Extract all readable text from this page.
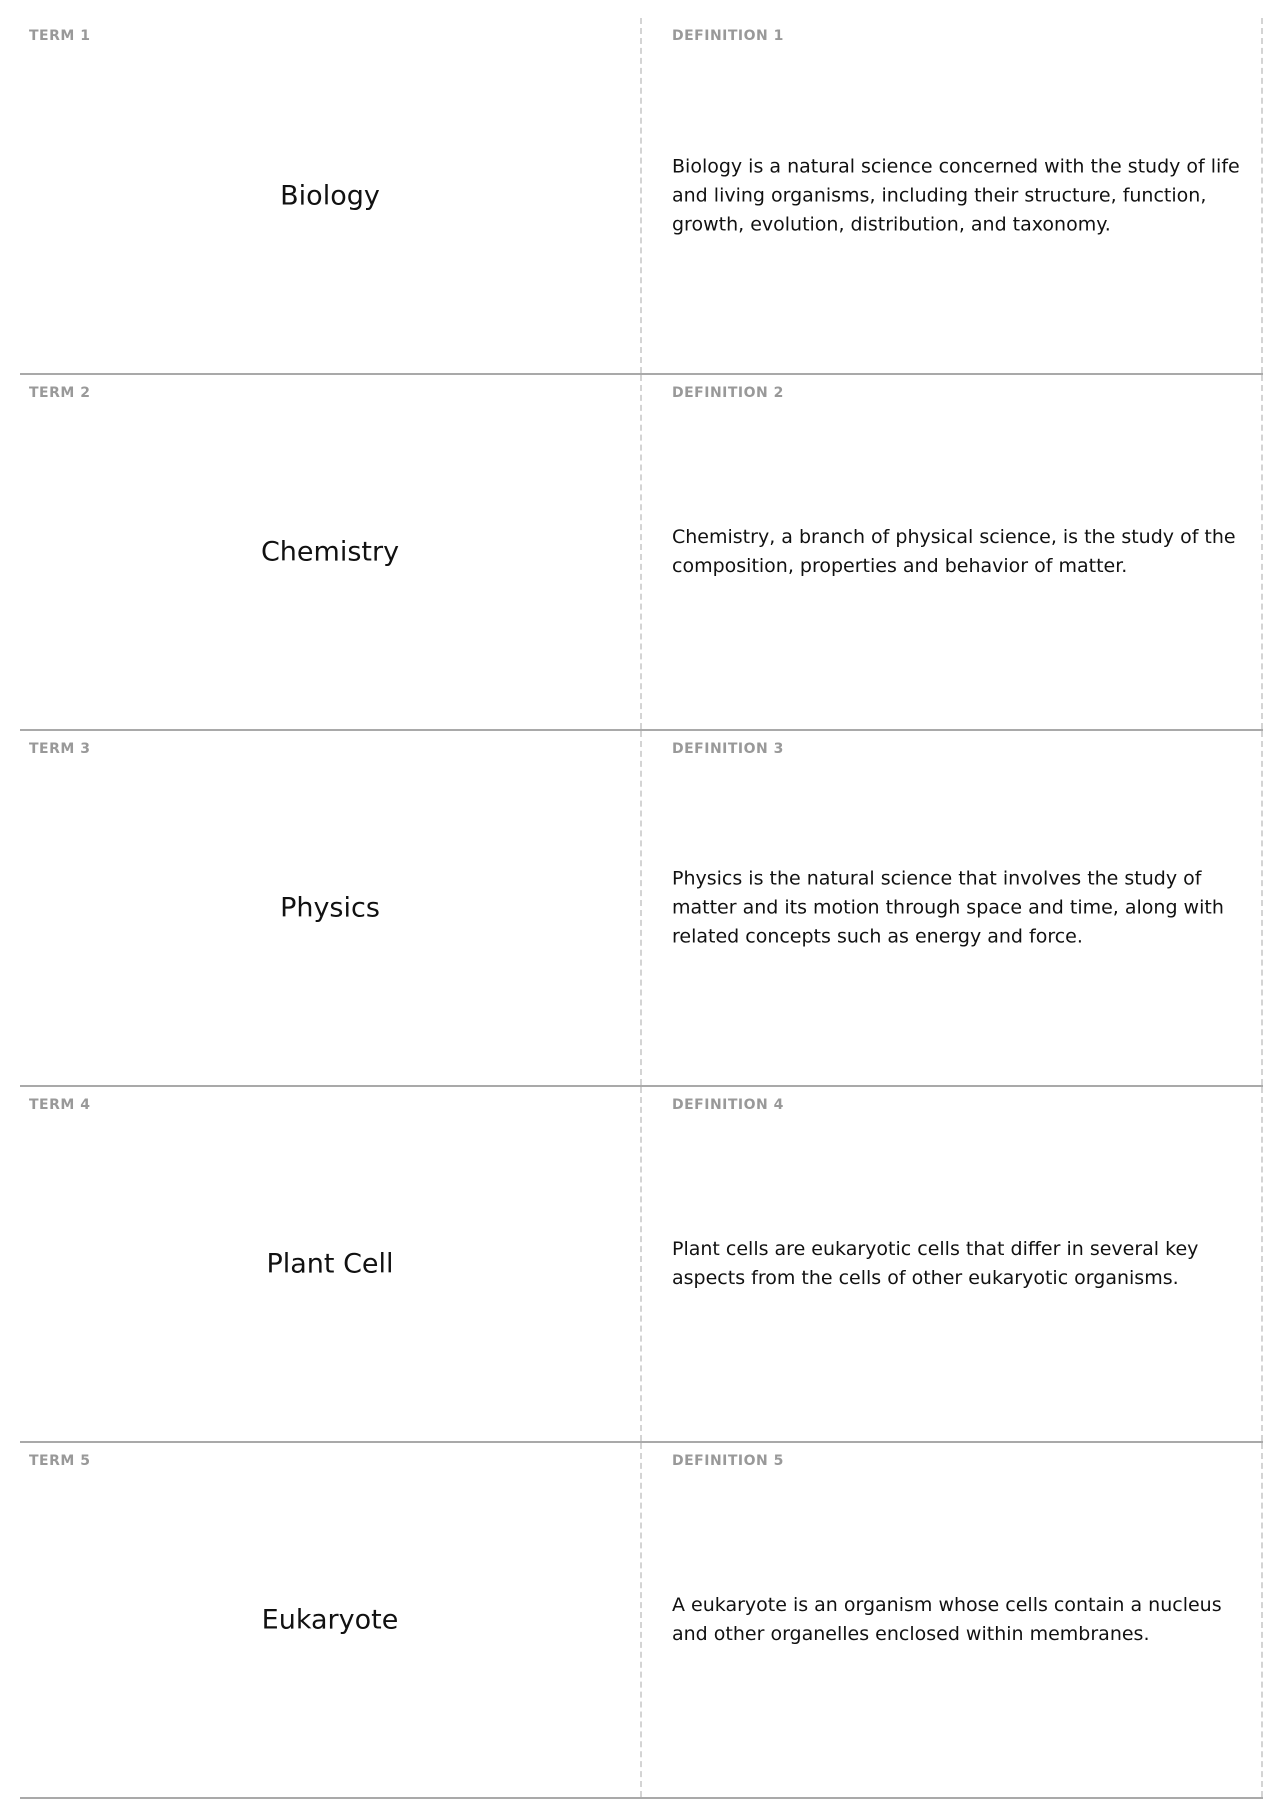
TERM 1
Biology
DEFINITION 1
Biology is a natural science concerned with the study of life and living organisms, including their structure, function, growth, evolution, distribution, and taxonomy.
TERM 2
Chemistry
DEFINITION 2
Chemistry, a branch of physical science, is the study of the composition, properties and behavior of matter.
TERM 3
Physics
DEFINITION 3
Physics is the natural science that involves the study of matter and its motion through space and time, along with related concepts such as energy and force.
TERM 4
Plant Cell
DEFINITION 4
Plant cells are eukaryotic cells that differ in several key aspects from the cells of other eukaryotic organisms.
TERM 5
Eukaryote
DEFINITION 5
A eukaryote is an organism whose cells contain a nucleus and other organelles enclosed within membranes.
